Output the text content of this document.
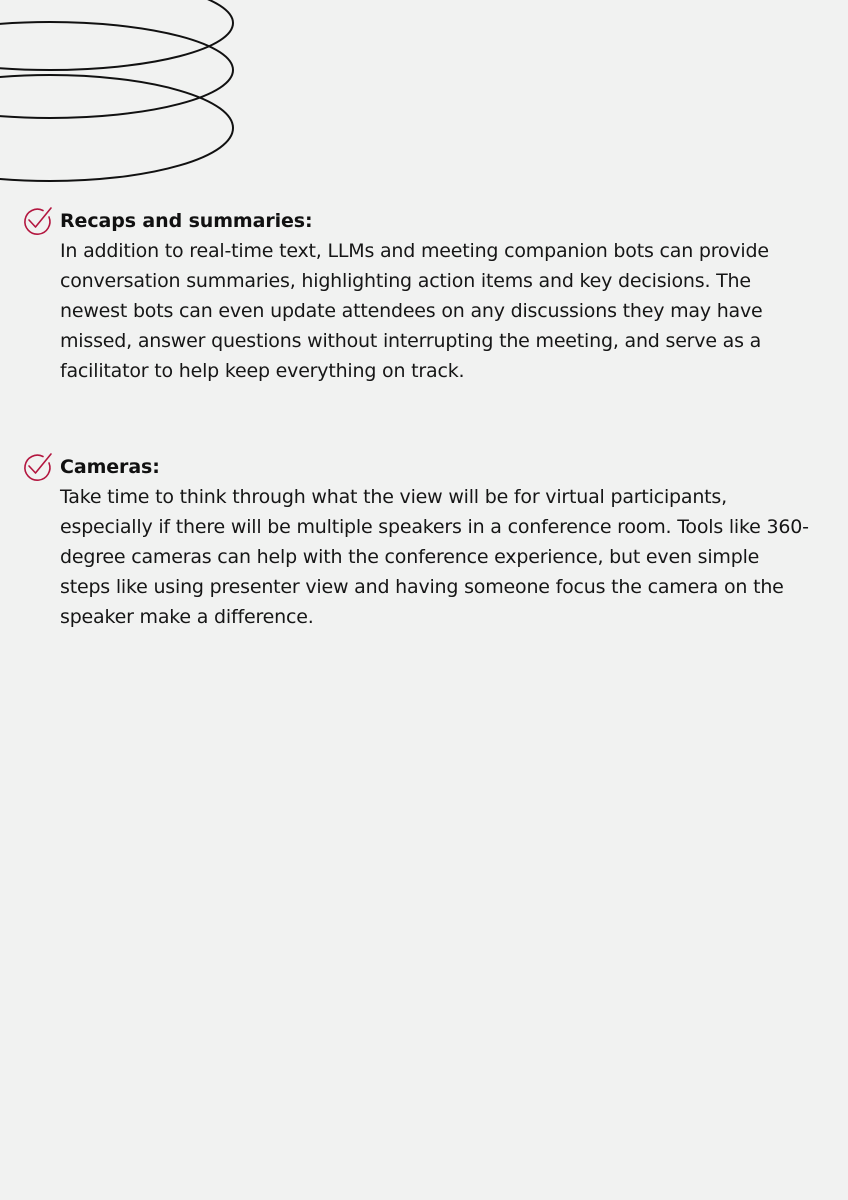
Recaps and summaries:
In addition to real-time text, LLMs and meeting companion bots can provide conversation summaries, highlighting action items and key decisions. The newest bots can even update attendees on any discussions they may have missed, answer questions without interrupting the meeting, and serve as a facilitator to help keep everything on track.
Cameras:
Take time to think through what the view will be for virtual participants, especially if there will be multiple speakers in a conference room. Tools like 360-degree cameras can help with the conference experience, but even simple steps like using presenter view and having someone focus the camera on the speaker make a difference.
